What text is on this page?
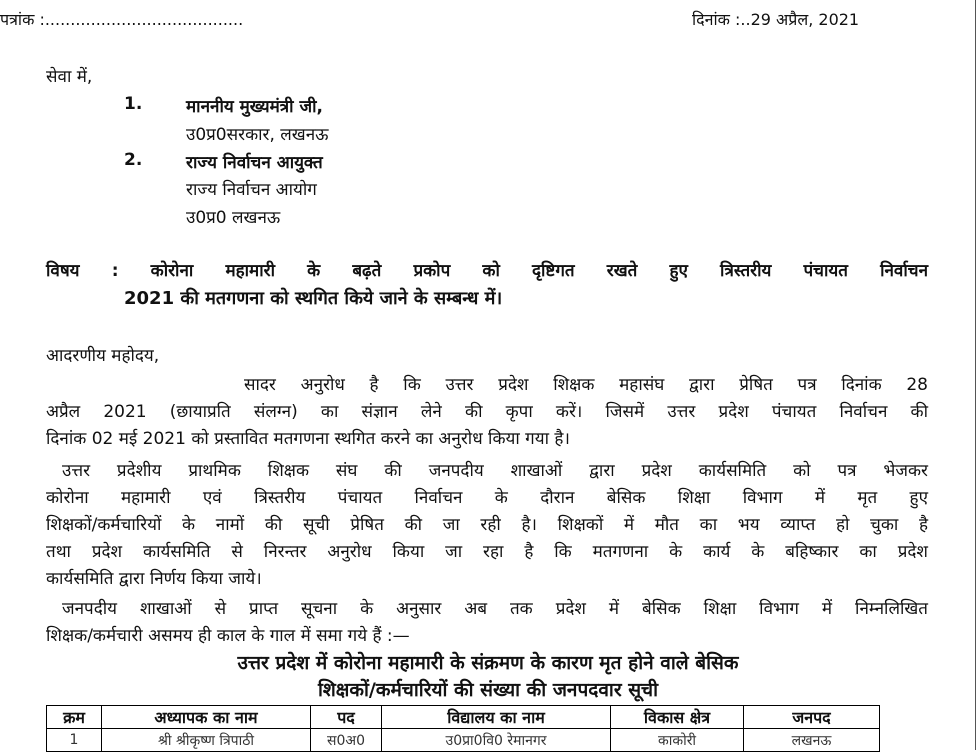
पत्रांक :.......................................	दिनांक :..29 अप्रैल, 2021
सेवा में,
1.	माननीय मुख्यमंत्री जी,
उ0प्र0सरकार, लखनऊ
2.	राज्य निर्वाचन आयुक्त
राज्य निर्वाचन आयोग
उ0प्र0 लखनऊ
विषय : कोरोना महामारी के बढ़ते प्रकोप को दृष्टिगत रखते हुए त्रिस्तरीय पंचायत निर्वाचन
2021 की मतगणना को स्थगित किये जाने के सम्बन्ध में।
आदरणीय महोदय,
सादर अनुरोध है कि उत्तर प्रदेश शिक्षक महासंघ द्वारा प्रेषित पत्र दिनांक 28
अप्रैल 2021 (छायाप्रति संलग्न) का संज्ञान लेने की कृपा करें। जिसमें उत्तर प्रदेश पंचायत निर्वाचन की
दिनांक 02 मई 2021 को प्रस्तावित मतगणना स्थगित करने का अनुरोध किया गया है।
उत्तर प्रदेशीय प्राथमिक शिक्षक संघ की जनपदीय शाखाओं द्वारा प्रदेश कार्यसमिति को पत्र भेजकर
कोरोना महामारी एवं त्रिस्तरीय पंचायत निर्वाचन के दौरान बेसिक शिक्षा विभाग में मृत हुए
शिक्षकों/कर्मचारियों के नामों की सूची प्रेषित की जा रही है। शिक्षकों में मौत का भय व्याप्त हो चुका है
तथा प्रदेश कार्यसमिति से निरन्तर अनुरोध किया जा रहा है कि मतगणना के कार्य के बहिष्कार का प्रदेश
कार्यसमिति द्वारा निर्णय किया जाये।
जनपदीय शाखाओं से प्राप्त सूचना के अनुसार अब तक प्रदेश में बेसिक शिक्षा विभाग में निम्नलिखित
शिक्षक/कर्मचारी असमय ही काल के गाल में समा गये हैं :—
उत्तर प्रदेश में कोरोना महामारी के संक्रमण के कारण मृत होने वाले बेसिक
शिक्षकों/कर्मचारियों की संख्या की जनपदवार सूची
क्रम	अध्यापक का नाम	पद	विद्यालय का नाम	विकास क्षेत्र	जनपद
1	श्री श्रीकृष्ण त्रिपाठी	स0अ0	उ0प्रा0वि0 रेमानगर	काकोरी	लखनऊ
